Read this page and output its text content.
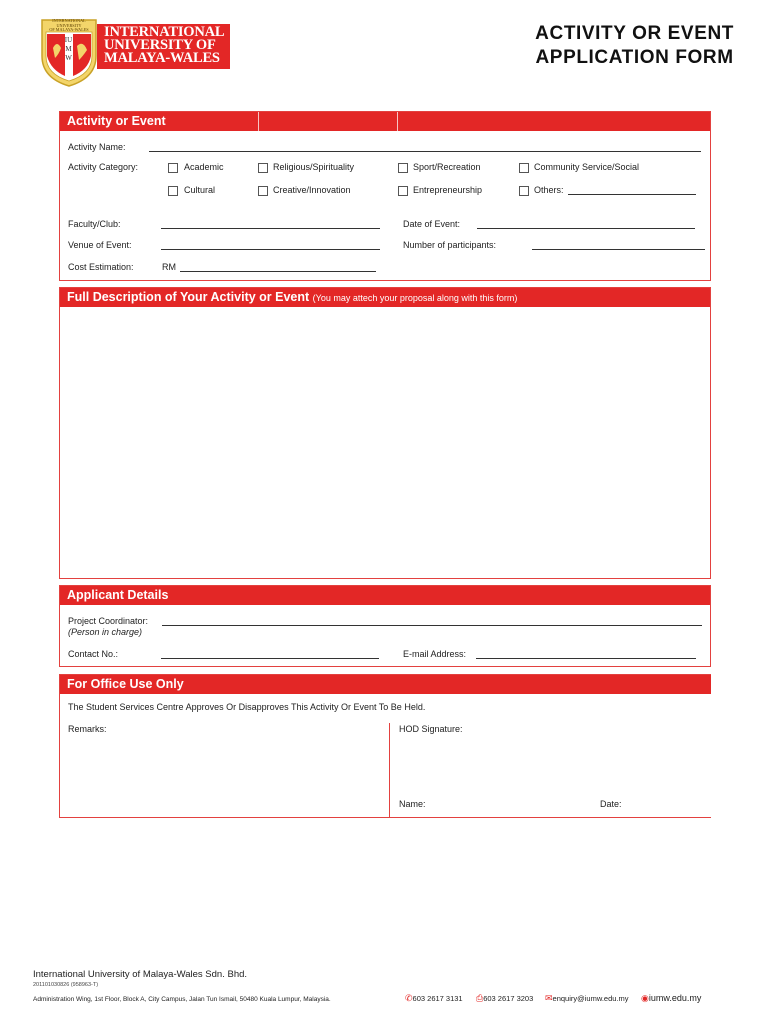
INTERNATIONAL
UNIVERSITY
OF MALAYA-WALES
IUMW
INTERNATIONAL
UNIVERSITY OF
MALAYA-WALES
ACTIVITY OR EVENT
APPLICATION FORM
Activity or Event
Activity Name:
Activity Category:	Academic	Religious/Spirituality	Sport/Recreation	Community Service/Social
Cultural	Creative/Innovation	Entrepreneurship	Others:
Faculty/Club:	Date of Event:
Venue of Event:	Number of participants:
Cost Estimation:	RM
Full Description of Your Activity or Event (You may attech your proposal along with this form)
Applicant Details
Project Coordinator:
(Person in charge)
Contact No.:	E-mail Address:
For Office Use Only
The Student Services Centre Approves Or Disapproves This Activity Or Event To Be Held.
Remarks:	HOD Signature:
Name:	Date:
International University of Malaya-Wales Sdn. Bhd.
201101030826 (958963-T)
Administration Wing, 1st Floor, Block A, City Campus, Jalan Tun Ismail, 50480 Kuala Lumpur, Malaysia.	✆603 2617 3131 ⎙603 2617 3203 ✉enquiry@iumw.edu.my ◉iumw.edu.my
